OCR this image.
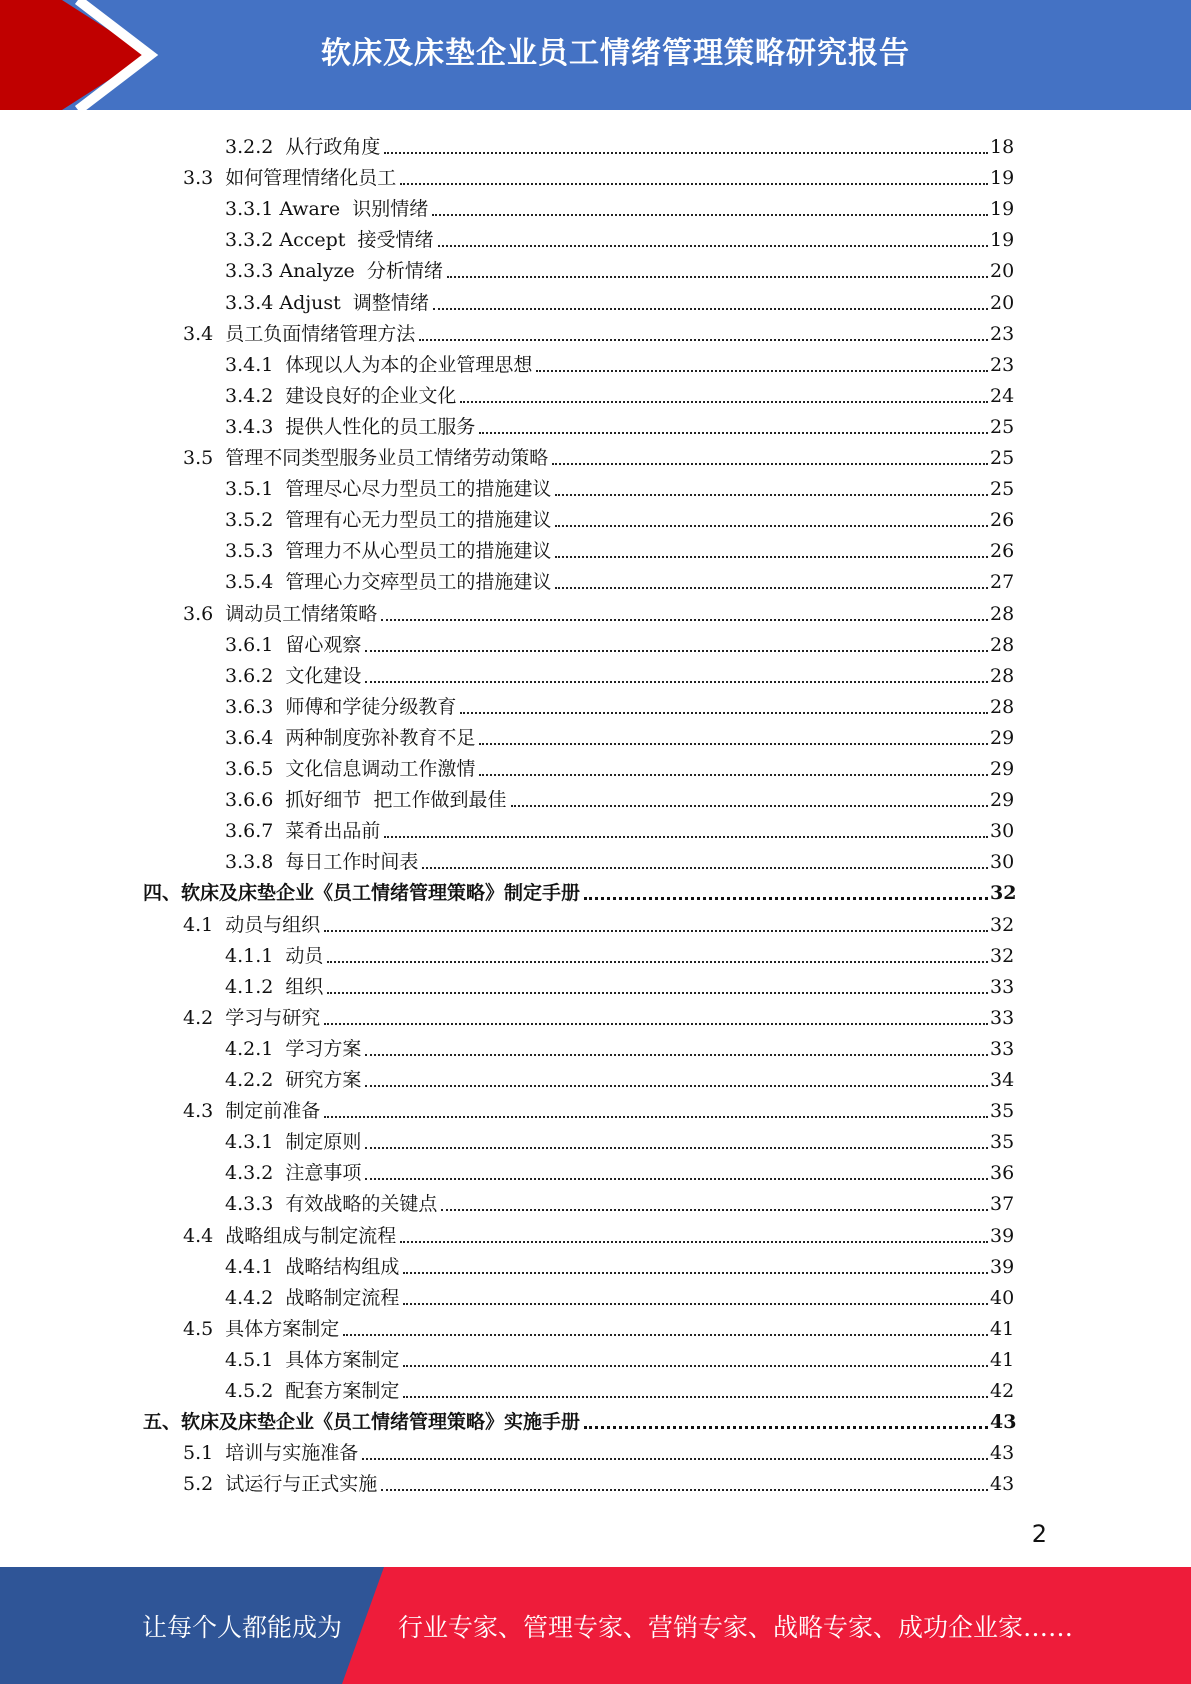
软床及床垫企业员工情绪管理策略研究报告
3.2.2  从行政角度	18
3.3  如何管理情绪化员工	19
3.3.1 Aware  识别情绪	19
3.3.2 Accept  接受情绪	19
3.3.3 Analyze  分析情绪	20
3.3.4 Adjust  调整情绪	20
3.4  员工负面情绪管理方法	23
3.4.1  体现以人为本的企业管理思想	23
3.4.2  建设良好的企业文化	24
3.4.3  提供人性化的员工服务	25
3.5  管理不同类型服务业员工情绪劳动策略	25
3.5.1  管理尽心尽力型员工的措施建议	25
3.5.2  管理有心无力型员工的措施建议	26
3.5.3  管理力不从心型员工的措施建议	26
3.5.4  管理心力交瘁型员工的措施建议	27
3.6  调动员工情绪策略	28
3.6.1  留心观察	28
3.6.2  文化建设	28
3.6.3  师傅和学徒分级教育	28
3.6.4  两种制度弥补教育不足	29
3.6.5  文化信息调动工作激情	29
3.6.6  抓好细节  把工作做到最佳	29
3.6.7  菜肴出品前	30
3.3.8  每日工作时间表	30
四、软床及床垫企业《员工情绪管理策略》制定手册	32
4.1  动员与组织	32
4.1.1  动员	32
4.1.2  组织	33
4.2  学习与研究	33
4.2.1  学习方案	33
4.2.2  研究方案	34
4.3  制定前准备	35
4.3.1  制定原则	35
4.3.2  注意事项	36
4.3.3  有效战略的关键点	37
4.4  战略组成与制定流程	39
4.4.1  战略结构组成	39
4.4.2  战略制定流程	40
4.5  具体方案制定	41
4.5.1  具体方案制定	41
4.5.2  配套方案制定	42
五、软床及床垫企业《员工情绪管理策略》实施手册	43
5.1  培训与实施准备	43
5.2  试运行与正式实施	43
2
让每个人都能成为 行业专家、管理专家、营销专家、战略专家、成功企业家……
